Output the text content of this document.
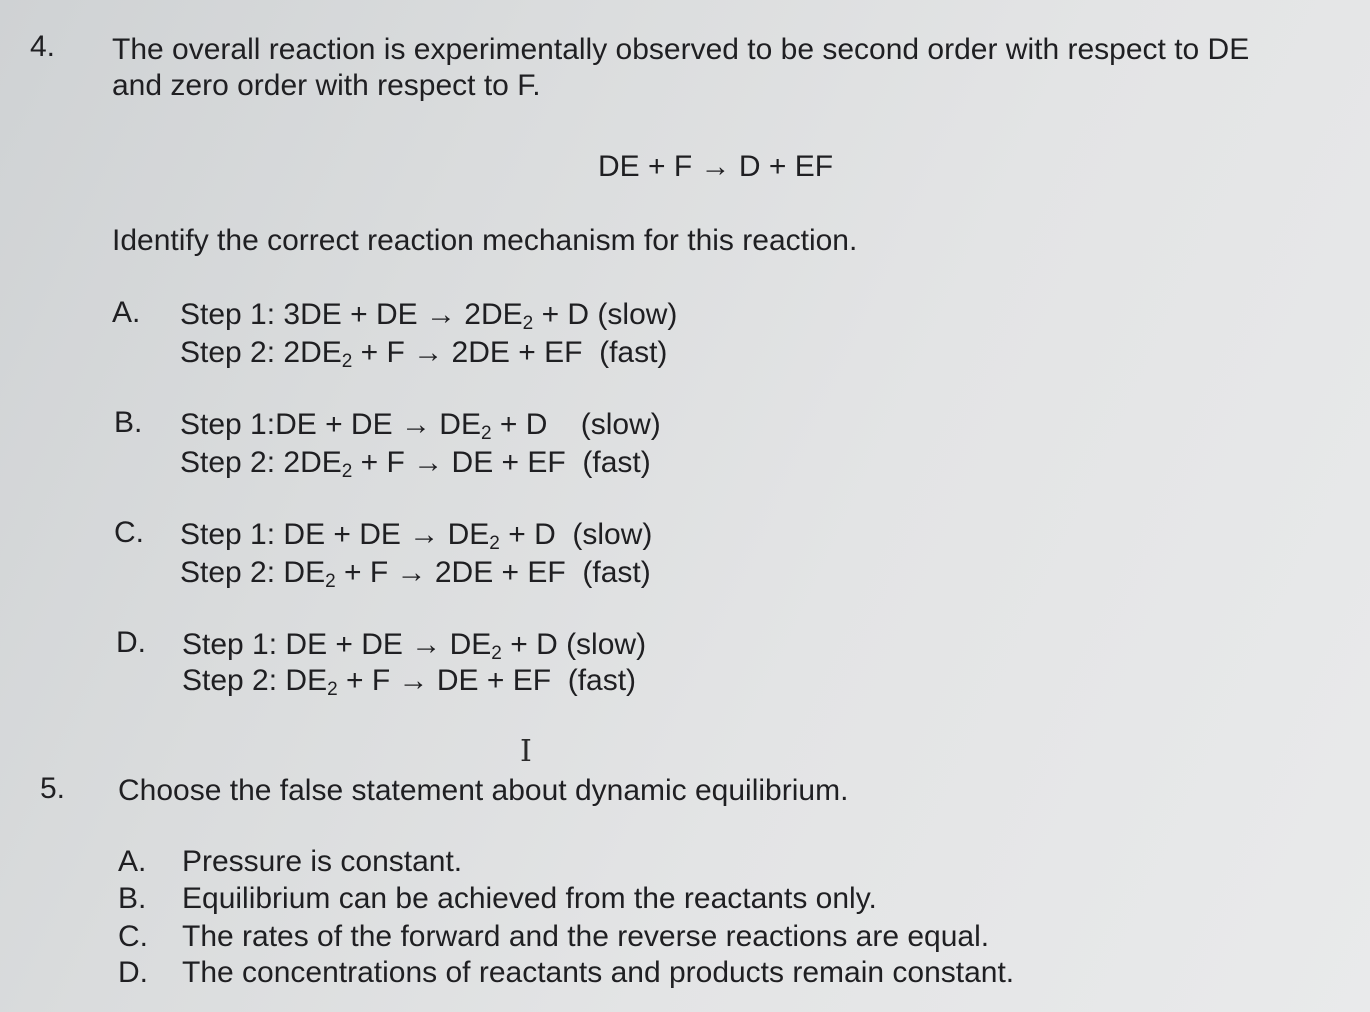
4. The overall reaction is experimentally observed to be second order with respect to DE
and zero order with respect to F.
DE + F → D + EF
Identify the correct reaction mechanism for this reaction.
A. Step 1: 3DE + DE → $2DE_2 + D$ (slow)
Step 2: $2DE_2 + F \to 2DE$ + EF  (fast)
B. Step 1:DE + DE → $DE_2 + D$    (slow)
Step 2: $2DE_2 + F$ → DE + EF  (fast)
C. Step 1: DE + DE → $DE_2 + D$  (slow)
Step 2: $DE_2 + F \to 2DE$ + EF  (fast)
D. Step 1: DE + DE → $DE_2 + D$ (slow)
Step 2: $DE_2 + F$ → DE + EF  (fast)
I
5. Choose the false statement about dynamic equilibrium.
A. Pressure is constant.
B. Equilibrium can be achieved from the reactants only.
C. The rates of the forward and the reverse reactions are equal.
D. The concentrations of reactants and products remain constant.
